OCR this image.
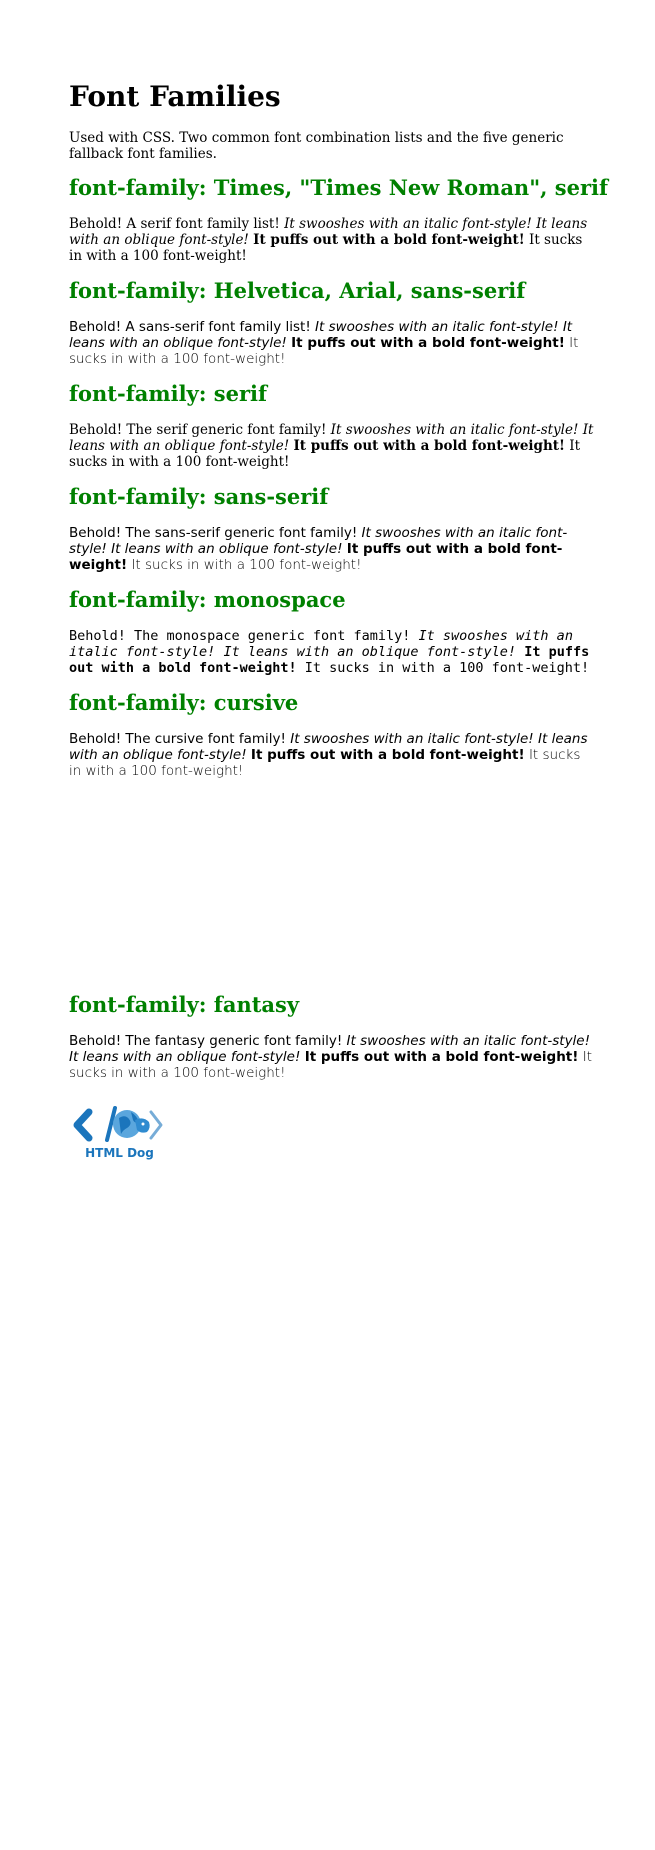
Font Families

Used with CSS. Two common font combination lists and the five generic fallback font families.

font-family: Times, "Times New Roman", serif

Behold! A serif font family list! It swooshes with an italic font-style! It leans with an oblique font-style! It puffs out with a bold font-weight! It sucks in with a 100 font-weight!

font-family: Helvetica, Arial, sans-serif

Behold! A sans-serif font family list! It swooshes with an italic font-style! It leans with an oblique font-style! It puffs out with a bold font-weight! It sucks in with a 100 font-weight!

font-family: serif

Behold! The serif generic font family! It swooshes with an italic font-style! It leans with an oblique font-style! It puffs out with a bold font-weight! It sucks in with a 100 font-weight!

font-family: sans-serif

Behold! The sans-serif generic font family! It swooshes with an italic font-style! It leans with an oblique font-style! It puffs out with a bold font-weight! It sucks in with a 100 font-weight!

font-family: monospace

Behold! The monospace generic font family! It swooshes with an italic font-style! It leans with an oblique font-style! It puffs out with a bold font-weight! It sucks in with a 100 font-weight!

font-family: cursive

Behold! The cursive font family! It swooshes with an italic font-style! It leans with an oblique font-style! It puffs out with a bold font-weight! It sucks in with a 100 font-weight!

font-family: fantasy

Behold! The fantasy generic font family! It swooshes with an italic font-style! It leans with an oblique font-style! It puffs out with a bold font-weight! It sucks in with a 100 font-weight!

HTML Dog
